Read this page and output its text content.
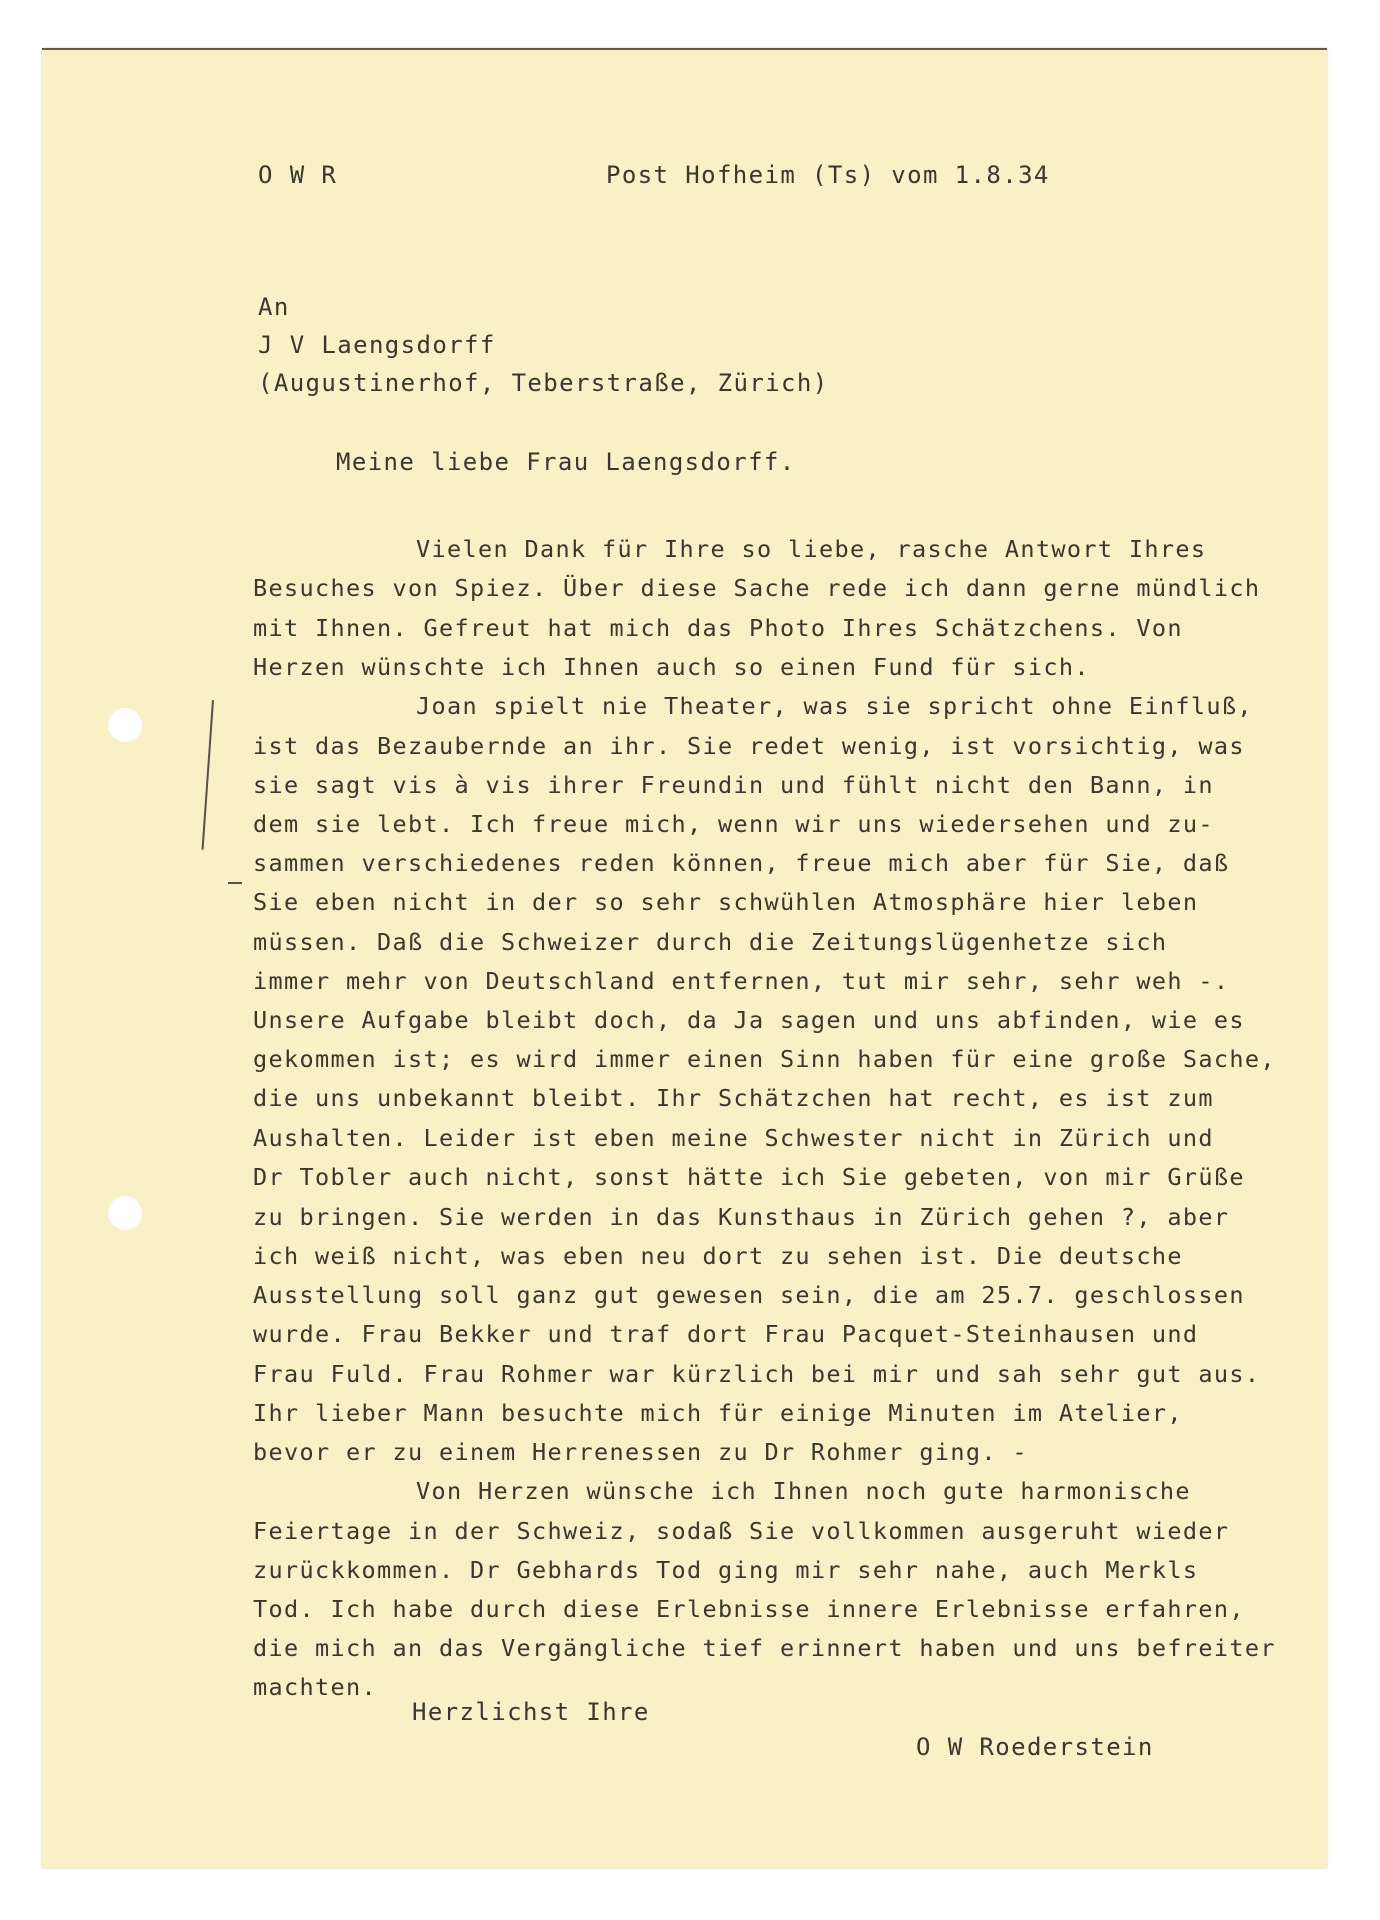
O W R	Post Hofheim (Ts) vom 1.8.34

An

J V Laengsdorff

(Augustinerhof, Teberstraße, Zürich)

Meine liebe Frau Laengsdorff.

Vielen Dank für Ihre so liebe, rasche Antwort Ihres

Besuches von Spiez. Über diese Sache rede ich dann gerne mündlich

mit Ihnen. Gefreut hat mich das Photo Ihres Schätzchens. Von

Herzen wünschte ich Ihnen auch so einen Fund für sich.

Joan spielt nie Theater, was sie spricht ohne Einfluß,

ist das Bezaubernde an ihr. Sie redet wenig, ist vorsichtig, was

sie sagt vis à vis ihrer Freundin und fühlt nicht den Bann, in

dem sie lebt. Ich freue mich, wenn wir uns wiedersehen und zu-

sammen verschiedenes reden können, freue mich aber für Sie, daß

Sie eben nicht in der so sehr schwühlen Atmosphäre hier leben

müssen. Daß die Schweizer durch die Zeitungslügenhetze sich

immer mehr von Deutschland entfernen, tut mir sehr, sehr weh -.

Unsere Aufgabe bleibt doch, da Ja sagen und uns abfinden, wie es

gekommen ist; es wird immer einen Sinn haben für eine große Sache,

die uns unbekannt bleibt. Ihr Schätzchen hat recht, es ist zum

Aushalten. Leider ist eben meine Schwester nicht in Zürich und

Dr Tobler auch nicht, sonst hätte ich Sie gebeten, von mir Grüße

zu bringen. Sie werden in das Kunsthaus in Zürich gehen ?, aber

ich weiß nicht, was eben neu dort zu sehen ist. Die deutsche

Ausstellung soll ganz gut gewesen sein, die am 25.7. geschlossen

wurde. Frau Bekker und traf dort Frau Pacquet-Steinhausen und

Frau Fuld. Frau Rohmer war kürzlich bei mir und sah sehr gut aus.

Ihr lieber Mann besuchte mich für einige Minuten im Atelier,

bevor er zu einem Herrenessen zu Dr Rohmer ging. -

Von Herzen wünsche ich Ihnen noch gute harmonische

Feiertage in der Schweiz, sodaß Sie vollkommen ausgeruht wieder

zurückkommen. Dr Gebhards Tod ging mir sehr nahe, auch Merkls

Tod. Ich habe durch diese Erlebnisse innere Erlebnisse erfahren,

die mich an das Vergängliche tief erinnert haben und uns befreiter

machten.

Herzlichst Ihre

O W Roederstein
